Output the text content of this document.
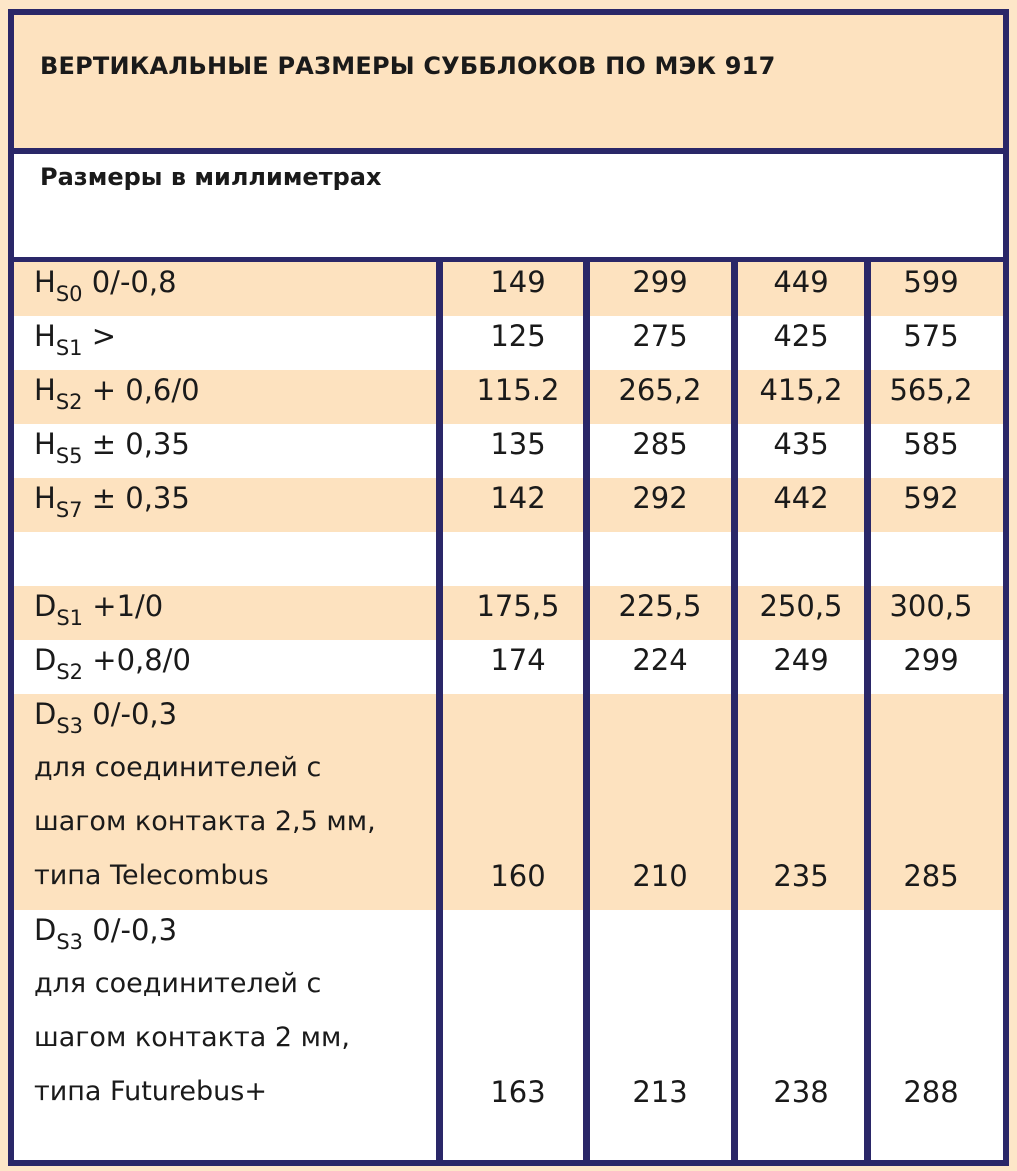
ВЕРТИКАЛЬНЫЕ РАЗМЕРЫ СУББЛОКОВ ПО МЭК 917
Размеры в миллиметрах
$H_{S0}$ 0/-0,8	149	299	449	599
$H_{S1}$ >	125	275	425	575
$H_{S2} + 0,6/0$	115.2	265,2	415,2	565,2
$H_{S5} \pm 0,35$	135	285	435	585
$H_{S7} \pm 0,35$	142	292	442	592
$D_{S1} +1/0$	175,5	225,5	250,5	300,5
$D_{S2} +0,8/0$	174	224	249	299
$D_{S3}$ 0/-0,3
для соединителей с
шагом контакта 2,5 мм,
типа Telecombus	160	210	235	285
$D_{S3}$ 0/-0,3
для соединителей с
шагом контакта 2 мм,
типа Futurebus+	163	213	238	288
